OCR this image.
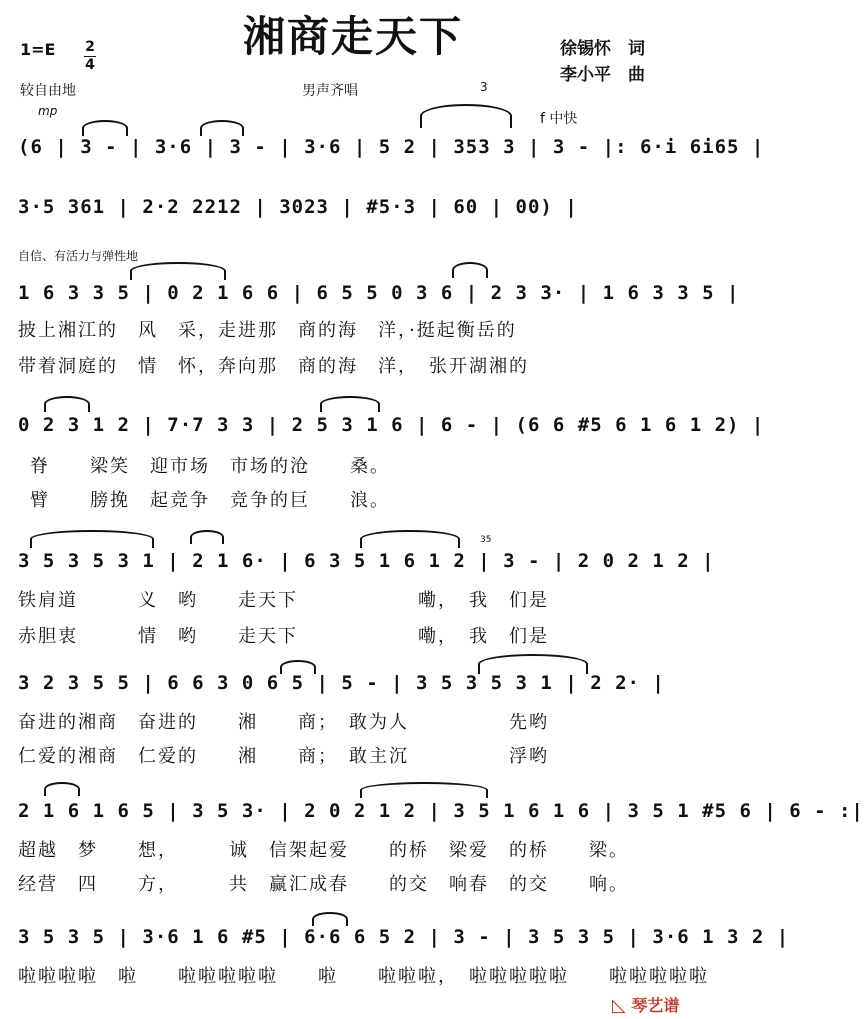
湘商走天下
1=E 2
4
徐锡怀　词
李小平　曲
较自由地	男声齐唱
mp
3
f 中快
自信、有活力与弹性地
35
(6 | 3 - | 3·6 | 3 - | 3·6 | 5 2 | 353 3 | 3 - |: 6·i 6i65 |
3·5 361 | 2·2 2212 | 3023 | #5·3 | 60 | 00) |
1 6 3 3 5 | 0 2 1 6 6 | 6 5 5 0 3 6 | 2 3 3· | 1 6 3 3 5 |
披上湘江的　风　采，走进那　商的海　洋，·挺起衡岳的
带着洞庭的　情　怀，奔向那　商的海　洋，　张开湖湘的
0 2 3 1 2 | 7·7 3 3 | 2 5 3 1 6 | 6 - | (6 6 #5 6 1 6 1 2) |
脊　　梁笑　迎市场　市场的沧　　桑。
臂　　膀挽　起竞争　竞争的巨　　浪。
3 5 3 5 3 1 | 2 1 6· | 6 3 5 1 6 1 2 | 3 - | 2 0 2 1 2 |
铁肩道　　　义　哟　　走天下　　　　　　嘞，　我　们是
赤胆衷　　　情　哟　　走天下　　　　　　嘞，　我　们是
3 2 3 5 5 | 6 6 3 0 6 5 | 5 - | 3 5 3 5 3 1 | 2 2· |
奋进的湘商　奋进的　　湘　　商；　敢为人　　　　　先哟
仁爱的湘商　仁爱的　　湘　　商；　敢主沉　　　　　浮哟
2 1 6 1 6 5 | 3 5 3· | 2 0 2 1 2 | 3 5 1 6 1 6 | 3 5 1 #5 6 | 6 - :|
超越　梦　　想，　　　诚　信架起爱　　的桥　梁爱　的桥　　梁。
经营　四　　方，　　　共　赢汇成春　　的交　响春　的交　　响。
3 5 3 5 | 3·6 1 6 #5 | 6·6 6 5 2 | 3 - | 3 5 3 5 | 3·6 1 3 2 |
啦啦啦啦　啦　　啦啦啦啦啦　　啦　　啦啦啦，　啦啦啦啦啦　　啦啦啦啦啦
◺ 琴艺谱
